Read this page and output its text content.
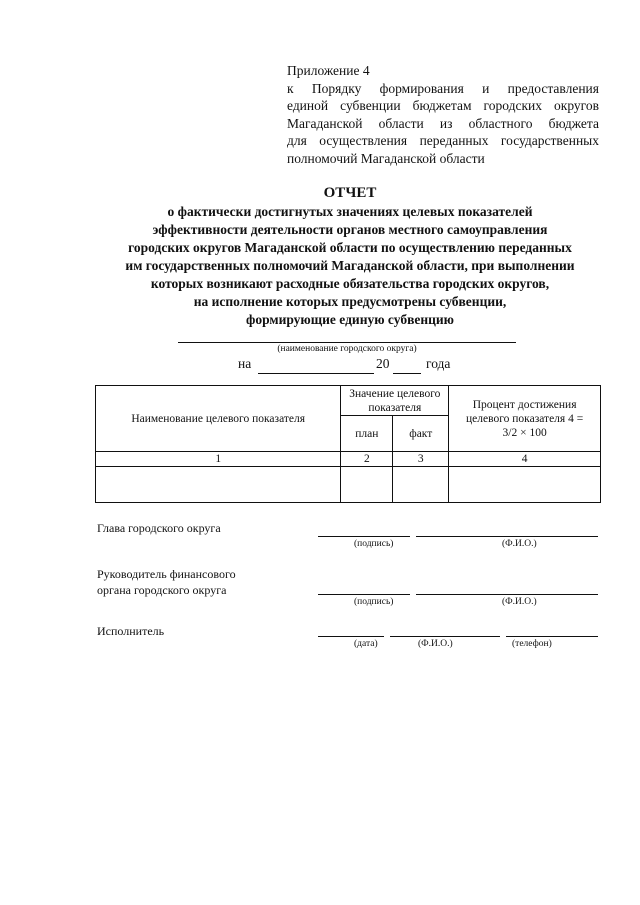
Приложение 4
к Порядку формирования и предоставления
единой субвенции бюджетам городских округов
Магаданской области из областного бюджета
для осуществления переданных государственных
полномочий Магаданской области
ОТЧЕТ
о фактически достигнутых значениях целевых показателей
эффективности деятельности органов местного самоуправления
городских округов Магаданской области по осуществлению переданных
им государственных полномочий Магаданской области, при выполнении
которых возникают расходные обязательства городских округов,
на исполнение которых предусмотрены субвенции,
формирующие единую субвенцию
(наименование городского округа)
на	20	года
Наименование целевого показателя	Значение целевого показателя		Процент достижения целевого показателя 4 = 3/2 × 100
	план	факт	
1	2	3	4

Глава городского округа
(подпись)	(Ф.И.О.)
Руководитель финансового
органа городского округа
(подпись)	(Ф.И.О.)
Исполнитель
(дата)	(Ф.И.О.)	(телефон)
